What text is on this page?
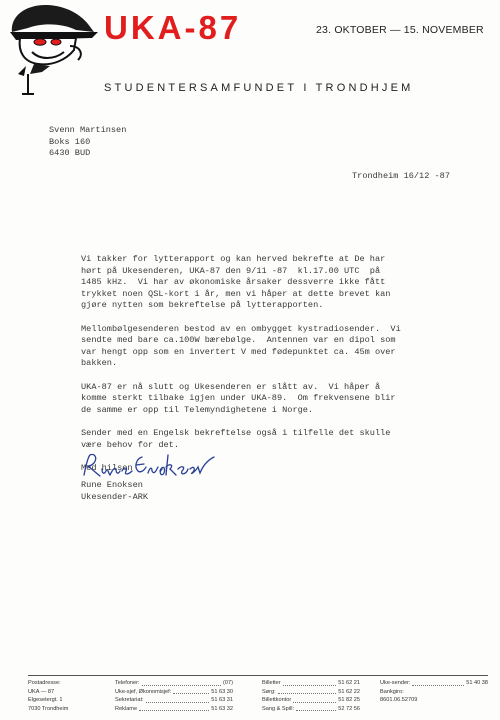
UKA-87	23. OKTOBER — 15. NOVEMBER
STUDENTERSAMFUNDET I TRONDHJEM
Svenn Martinsen
Boks 160
6430 BUD
Trondheim 16/12 -87

Vi takker for lytterapport og kan herved bekrefte at De har
hørt på Ukesenderen, UKA-87 den 9/11 -87  kl.17.00 UTC  på
1485 kHz.  Vi har av økonomiske årsaker dessverre ikke fått
trykket noen QSL-kort i år, men vi håper at dette brevet kan
gjøre nytten som bekreftelse på lytterapporten.

Mellombølgesenderen bestod av en ombygget kystradiosender.  Vi
sendte med bare ca.100W bærebølge.  Antennen var en dipol som
var hengt opp som en invertert V med fødepunktet ca. 45m over
bakken.

UKA-87 er nå slutt og Ukesenderen er slått av.  Vi håper å
komme sterkt tilbake igjen under UKA-89.  Om frekvensene blir
de samme er opp til Telemyndighetene i Norge.

Sender med en Engelsk bekreftelse også i tilfelle det skulle
være behov for det.

Med hilsen

Rune Enoksen
Ukesender-ARK
Postadresse:
UKA — 87
Elgesetergt. 1
7030 Trondheim
Telefoner:	(07)
Uke-sjef, Økonomisjef:	51 63 30
Sekretariat:	51 63 31
Reklame	51 63 32
Billetter	51 62 21
Sørg:	51 62 22
Billettkontor	51 82 25
Sang & Spill:	52 72 56
Uke-sender:	51 40 38
Bankgiro:
8601.06.52709
